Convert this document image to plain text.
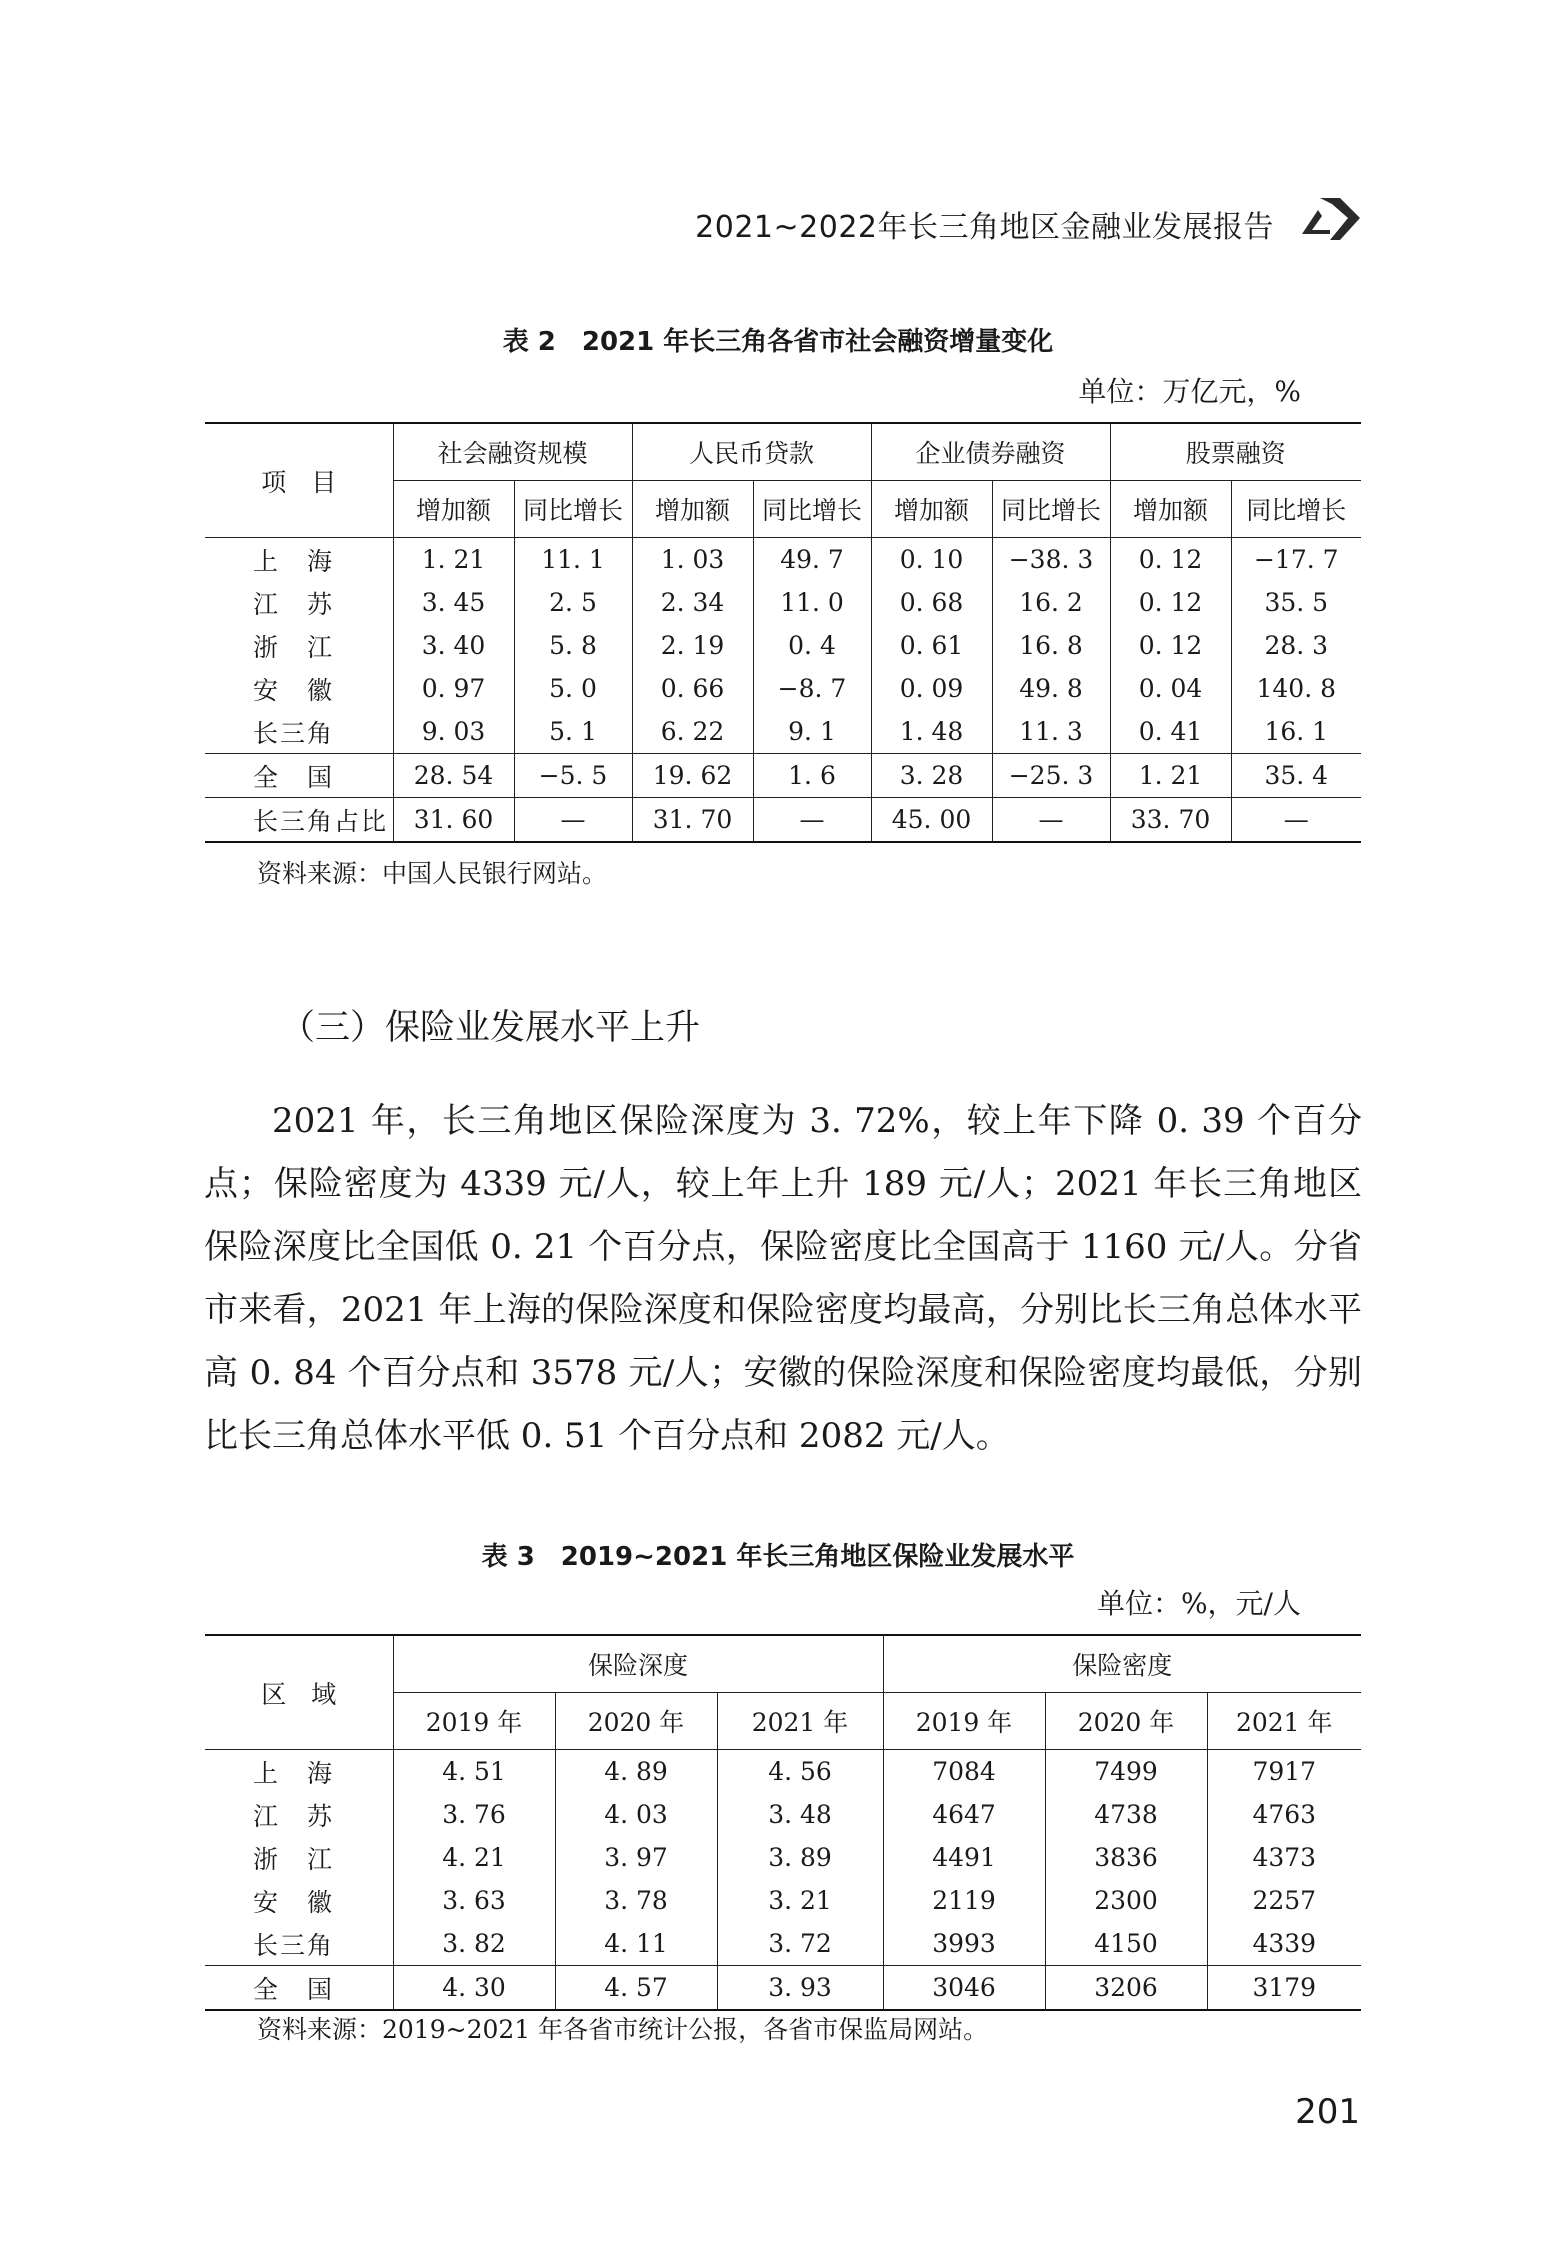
2021~2022年长三角地区金融业发展报告
表 2　2021 年长三角各省市社会融资增量变化
单位：万亿元，%
项　目	社会融资规模		人民币贷款		企业债券融资		股票融资	
	增加额	同比增长	增加额	同比增长	增加额	同比增长	增加额	同比增长
上　海	1. 21	11. 1	1. 03	49. 7	0. 10	−38. 3	0. 12	−17. 7
江　苏	3. 45	2. 5	2. 34	11. 0	0. 68	16. 2	0. 12	35. 5
浙　江	3. 40	5. 8	2. 19	0. 4	0. 61	16. 8	0. 12	28. 3
安　徽	0. 97	5. 0	0. 66	−8. 7	0. 09	49. 8	0. 04	140. 8
长三角	9. 03	5. 1	6. 22	9. 1	1. 48	11. 3	0. 41	16. 1
全　国	28. 54	−5. 5	19. 62	1. 6	3. 28	−25. 3	1. 21	35. 4
长三角占比	31. 60	—	31. 70	—	45. 00	—	33. 70	—
资料来源：中国人民银行网站。

（三）保险业发展水平上升

2021 年，长三角地区保险深度为 3. 72%，较上年下降 0. 39 个百分点；保险密度为 4339 元/人，较上年上升 189 元/人；2021 年长三角地区保险深度比全国低 0. 21 个百分点，保险密度比全国高于 1160 元/人。分省市来看，2021 年上海的保险深度和保险密度均最高，分别比长三角总体水平高 0. 84 个百分点和 3578 元/人；安徽的保险深度和保险密度均最低，分别比长三角总体水平低 0. 51 个百分点和 2082 元/人。

表 3　2019~2021 年长三角地区保险业发展水平
单位：%，元/人
区　域	保险深度			保险密度		
	2019 年	2020 年	2021 年	2019 年	2020 年	2021 年
上　海	4. 51	4. 89	4. 56	7084	7499	7917
江　苏	3. 76	4. 03	3. 48	4647	4738	4763
浙　江	4. 21	3. 97	3. 89	4491	3836	4373
安　徽	3. 63	3. 78	3. 21	2119	2300	2257
长三角	3. 82	4. 11	3. 72	3993	4150	4339
全　国	4. 30	4. 57	3. 93	3046	3206	3179
资料来源：2019~2021 年各省市统计公报，各省市保监局网站。
201
